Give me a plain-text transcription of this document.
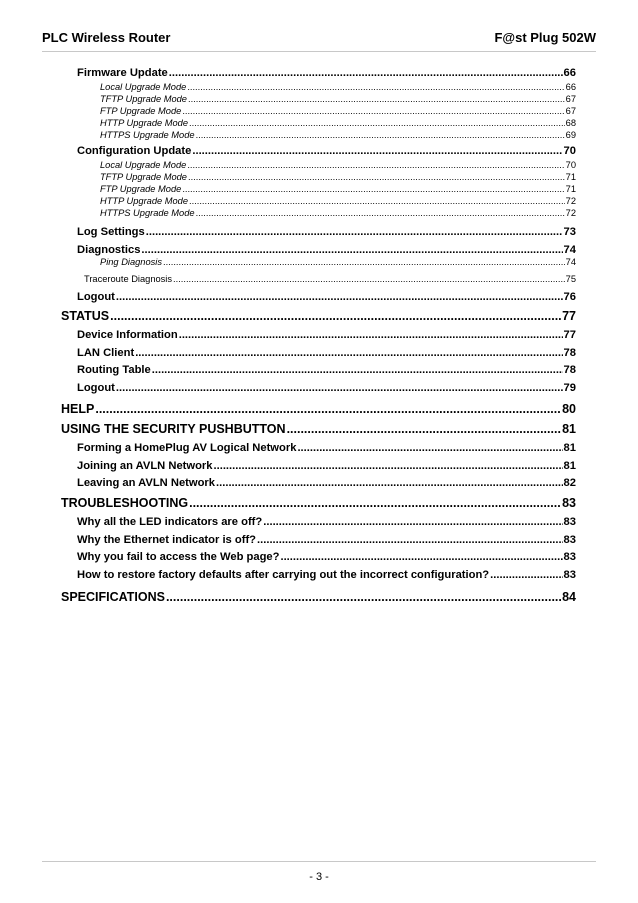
PLC Wireless Router	F@st Plug 502W
Firmware Update .....	66
Local Upgrade Mode .....	66
TFTP Upgrade Mode .....	67
FTP Upgrade Mode .....	67
HTTP Upgrade Mode .....	68
HTTPS Upgrade Mode .....	69
Configuration Update .....	70
Local Upgrade Mode .....	70
TFTP Upgrade Mode .....	71
FTP Upgrade Mode .....	71
HTTP Upgrade Mode .....	72
HTTPS Upgrade Mode .....	72
Log Settings .....	73
Diagnostics .....	74
Ping Diagnosis .....	74
Traceroute Diagnosis .....	75
Logout .....	76
STATUS .....	77
Device Information .....	77
LAN Client .....	78
Routing Table .....	78
Logout .....	79
HELP .....	80
USING THE SECURITY PUSHBUTTON .....	81
Forming a HomePlug AV Logical Network .....	81
Joining an AVLN Network .....	81
Leaving an AVLN Network .....	82
TROUBLESHOOTING .....	83
Why all the LED indicators are off? .....	83
Why the Ethernet indicator is off? .....	83
Why you fail to access the Web page? .....	83
How to restore factory defaults after carrying out the incorrect configuration? .....	83
SPECIFICATIONS .....	84
- 3 -
